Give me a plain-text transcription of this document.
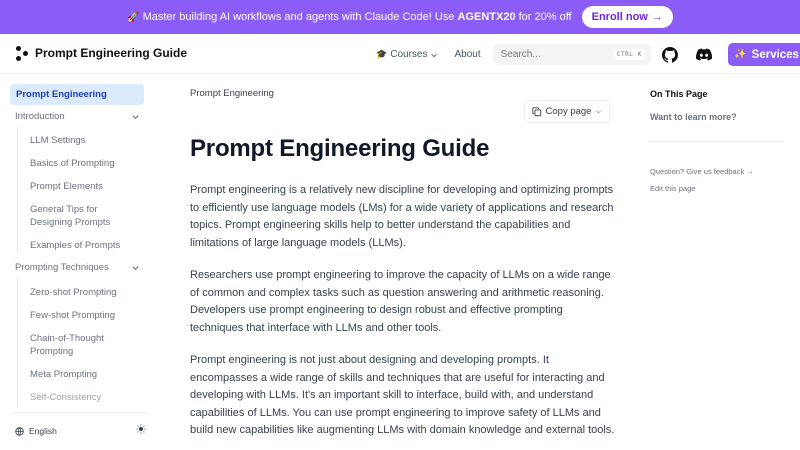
🚀 Master building AI workflows and agents with Claude Code! Use AGENTX20 for 20% off Enroll now →
Prompt Engineering Guide	🎓 Courses	About
Search...	CTRL K	✨ Services
Prompt Engineering
Introduction
LLM Settings
Basics of Prompting
Prompt Elements
General Tips for Designing Prompts
Examples of Prompts
Prompting Techniques
Zero-shot Prompting
Few-shot Prompting
Chain-of-Thought Prompting
Meta Prompting
Self-Consistency
English
Prompt Engineering
Copy page
Prompt Engineering Guide

Prompt engineering is a relatively new discipline for developing and optimizing prompts to efficiently use language models (LMs) for a wide variety of applications and research topics. Prompt engineering skills help to better understand the capabilities and limitations of large language models (LLMs).

Researchers use prompt engineering to improve the capacity of LLMs on a wide range of common and complex tasks such as question answering and arithmetic reasoning. Developers use prompt engineering to design robust and effective prompting techniques that interface with LLMs and other tools.

Prompt engineering is not just about designing and developing prompts. It encompasses a wide range of skills and techniques that are useful for interacting and developing with LLMs. It's an important skill to interface, build with, and understand capabilities of LLMs. You can use prompt engineering to improve safety of LLMs and build new capabilities like augmenting LLMs with domain knowledge and external tools.

On This Page
Want to learn more?
Question? Give us feedback →
Edit this page
